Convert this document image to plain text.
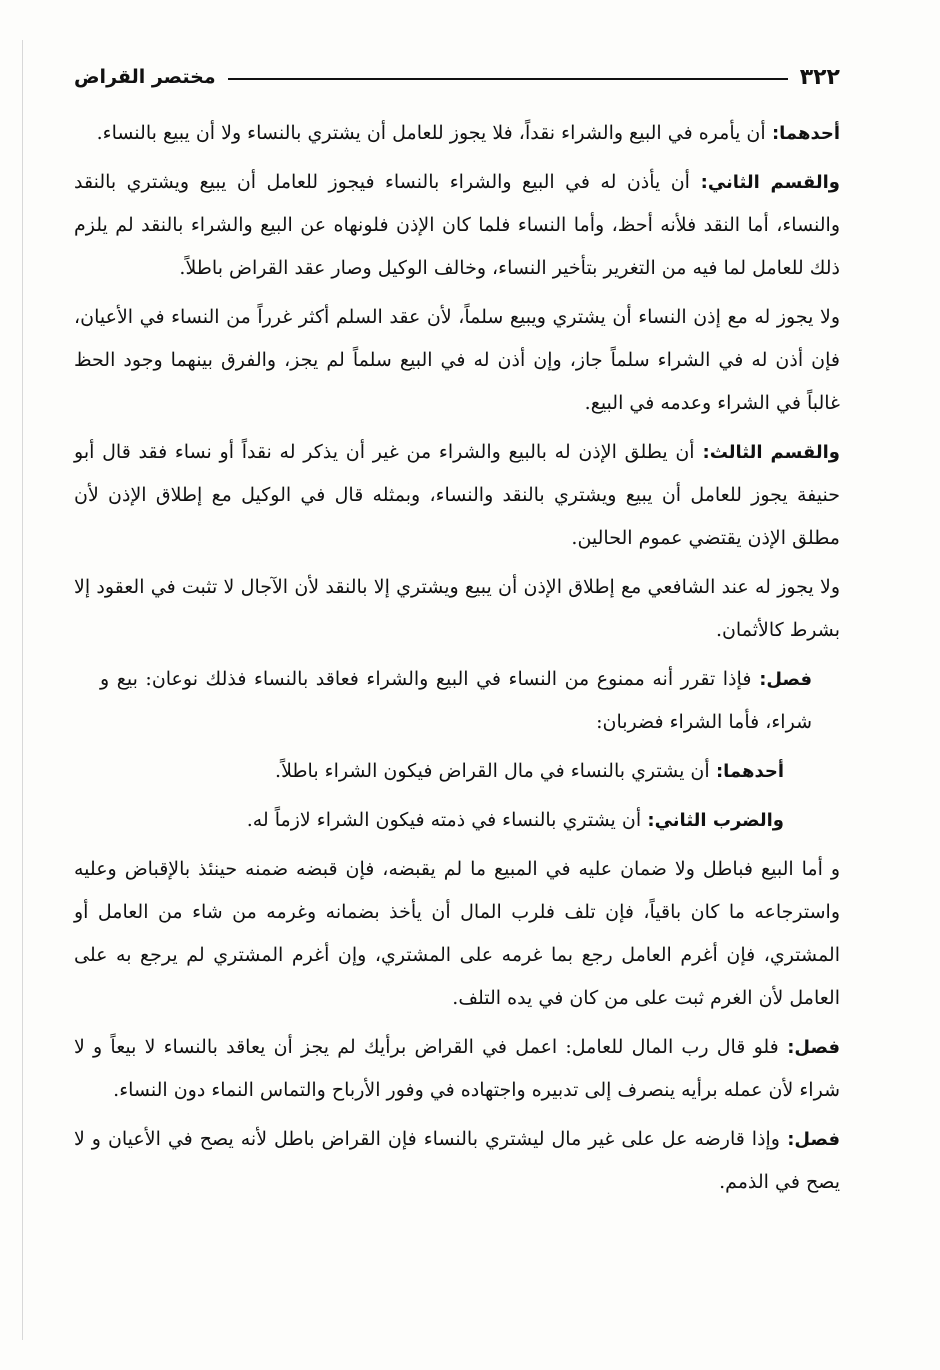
٣٢٢
مختصر القراض

أحدهما:أن يأمره في البيع والشراء نقداً، فلا يجوز للعامل أن يشتري بالنساء ولا أن يبيع بالنساء.

والقسم الثاني:أن يأذن له في البيع والشراء بالنساء فيجوز للعامل أن يبيع ويشتري بالنقد والنساء، أما النقد فلأنه أحظ، وأما النساء فلما كان الإذن فلونهاه عن البيع والشراء بالنقد لم يلزم ذلك للعامل لما فيه من التغرير بتأخير النساء، وخالف الوكيل وصار عقد القراض باطلاً.

ولا يجوز له مع إذن النساء أن يشتري ويبيع سلماً، لأن عقد السلم أكثر غرراً من النساء في الأعيان، فإن أذن له في الشراء سلماً جاز، وإن أذن له في البيع سلماً لم يجز، والفرق بينهما وجود الحظ غالباً في الشراء وعدمه في البيع.

والقسم الثالث:أن يطلق الإذن له بالبيع والشراء من غير أن يذكر له نقداً أو نساء فقد قال أبو حنيفة يجوز للعامل أن يبيع ويشتري بالنقد والنساء، وبمثله قال في الوكيل مع إطلاق الإذن لأن مطلق الإذن يقتضي عموم الحالين.

ولا يجوز له عند الشافعي مع إطلاق الإذن أن يبيع ويشتري إلا بالنقد لأن الآجال لا تثبت في العقود إلا بشرط كالأثمان.

فصل:فإذا تقرر أنه ممنوع من النساء في البيع والشراء فعاقد بالنساء فذلك نوعان: بيع و شراء، فأما الشراء فضربان:

أحدهما:أن يشتري بالنساء في مال القراض فيكون الشراء باطلاً.

والضرب الثاني:أن يشتري بالنساء في ذمته فيكون الشراء لازماً له.

و أما البيع فباطل ولا ضمان عليه في المبيع ما لم يقبضه، فإن قبضه ضمنه حينئذ بالإقباض وعليه واسترجاعه ما كان باقياً، فإن تلف فلرب المال أن يأخذ بضمانه وغرمه من شاء من العامل أو المشتري، فإن أغرم العامل رجع بما غرمه على المشتري، وإن أغرم المشتري لم يرجع به على العامل لأن الغرم ثبت على من كان في يده التلف.

فصل:فلو قال رب المال للعامل: اعمل في القراض برأيك لم يجز أن يعاقد بالنساء لا بيعاً و لا شراء لأن عمله برأيه ينصرف إلى تدبيره واجتهاده في وفور الأرباح والتماس النماء دون النساء.

فصل:وإذا قارضه عل على غير مال ليشتري بالنساء فإن القراض باطل لأنه يصح في الأعيان و لا يصح في الذمم.
